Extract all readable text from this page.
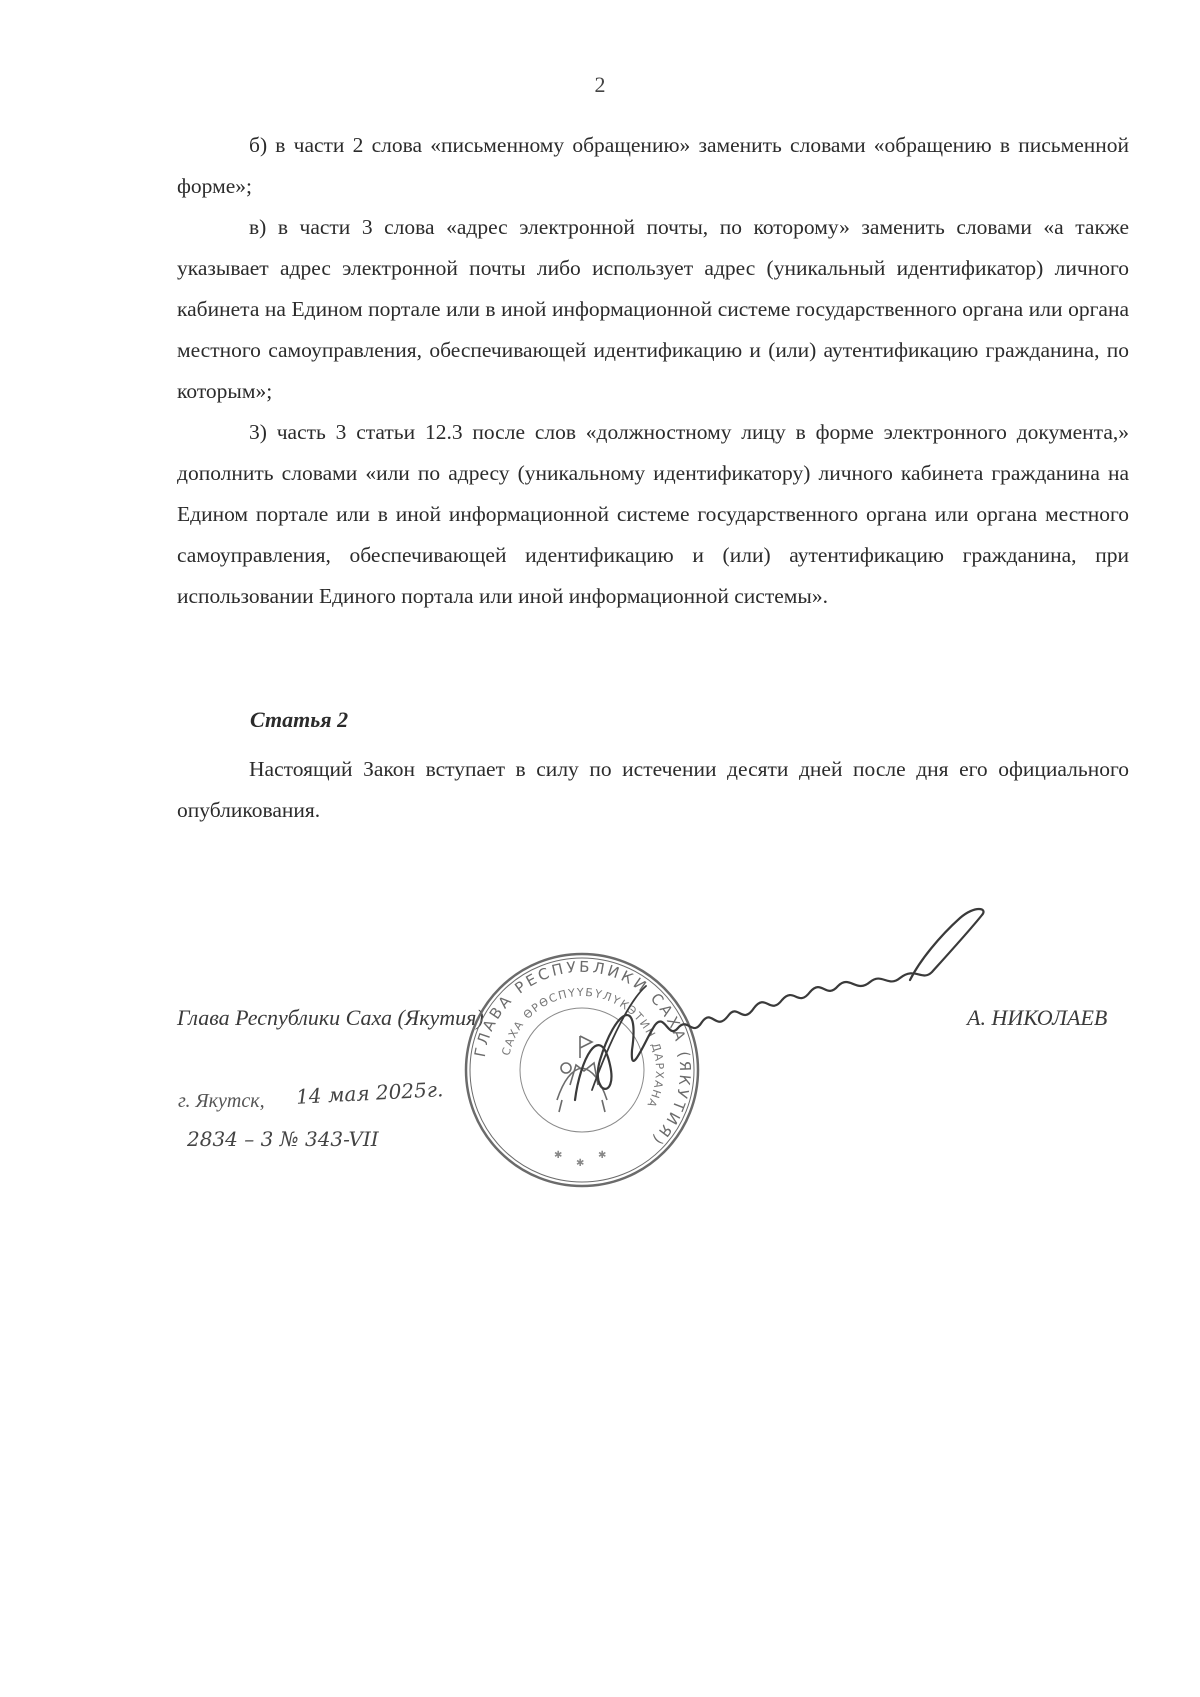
2

б) в части 2 слова «письменному обращению» заменить словами «обращению в письменной форме»;

в) в части 3 слова «адрес электронной почты, по которому» заменить словами «а также указывает адрес электронной почты либо использует адрес (уникальный идентификатор) личного кабинета на Едином портале или в иной информационной системе государственного органа или органа местного самоуправления, обеспечивающей идентификацию и (или) аутентификацию гражданина, по которым»;

3) часть 3 статьи 12.3 после слов «должностному лицу в форме электронного документа,» дополнить словами «или по адресу (уникальному идентификатору) личного кабинета гражданина на Едином портале или в иной информационной системе государственного органа или органа местного самоуправления, обеспечивающей идентификацию и (или) аутентификацию гражданина, при использовании Единого портала или иной информационной системы».

Статья 2

Настоящий Закон вступает в силу по истечении десяти дней после дня его официального опубликования.

Глава Республики Саха (Якутия)	А. НИКОЛАЕВ

г. Якутск, 14 мая 2025г.
2834 – 3 № 343-VII
ГЛАВА РЕСПУБЛИКИ САХА (ЯКУТИЯ)
САХА ӨРӨСПYYБYЛYКЭТИН ДАРХАНА
✱
✱
✱
